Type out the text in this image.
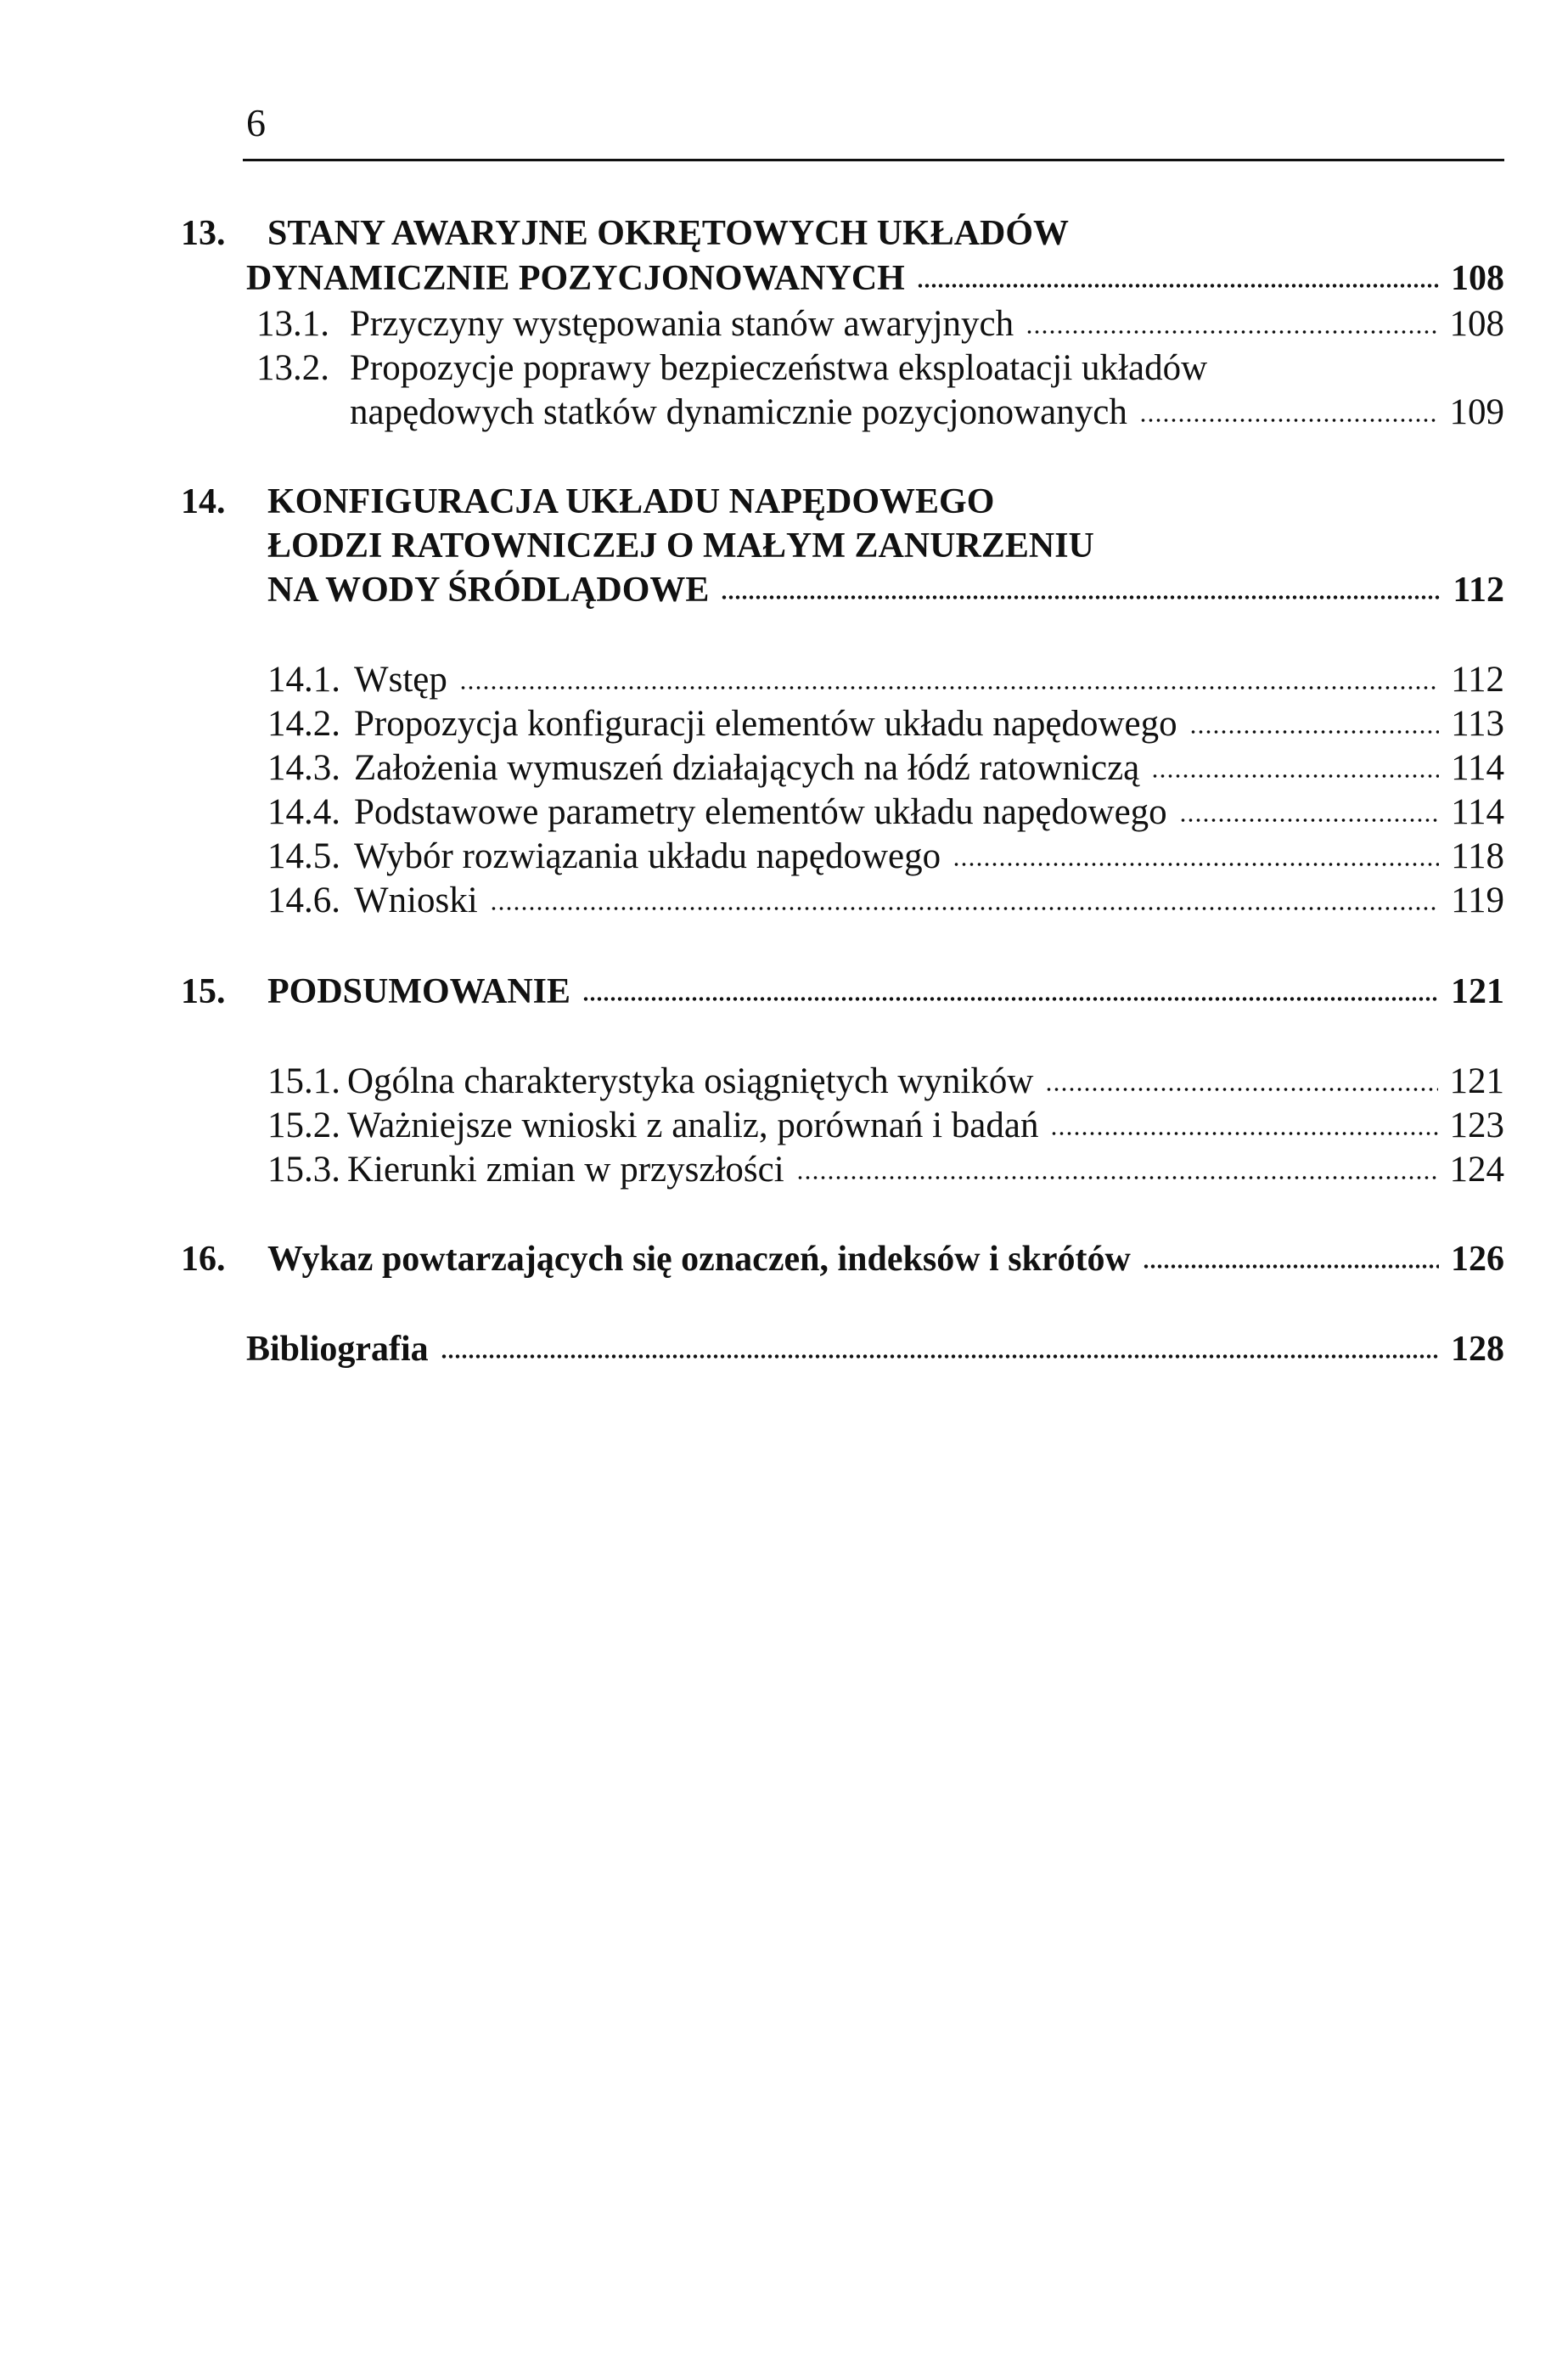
6
13.	STANY AWARYJNE OKRĘTOWYCH UKŁADÓW
DYNAMICZNIE POZYCJONOWANYCH	108
13.1. Przyczyny występowania stanów awaryjnych	108
13.2. Propozycje poprawy bezpieczeństwa eksploatacji układów
napędowych statków dynamicznie pozycjonowanych	109
14.	KONFIGURACJA UKŁADU NAPĘDOWEGO
ŁODZI RATOWNICZEJ O MAŁYM ZANURZENIU
NA WODY ŚRÓDLĄDOWE	112
14.1. Wstęp	112
14.2. Propozycja konfiguracji elementów układu napędowego	113
14.3. Założenia wymuszeń działających na łódź ratowniczą	114
14.4. Podstawowe parametry elementów układu napędowego	114
14.5. Wybór rozwiązania układu napędowego	118
14.6. Wnioski	119
15.	PODSUMOWANIE	121
15.1. Ogólna charakterystyka osiągniętych wyników	121
15.2. Ważniejsze wnioski z analiz, porównań i badań	123
15.3. Kierunki zmian w przyszłości	124
16.	Wykaz powtarzających się oznaczeń, indeksów i skrótów	126
Bibliografia	128
